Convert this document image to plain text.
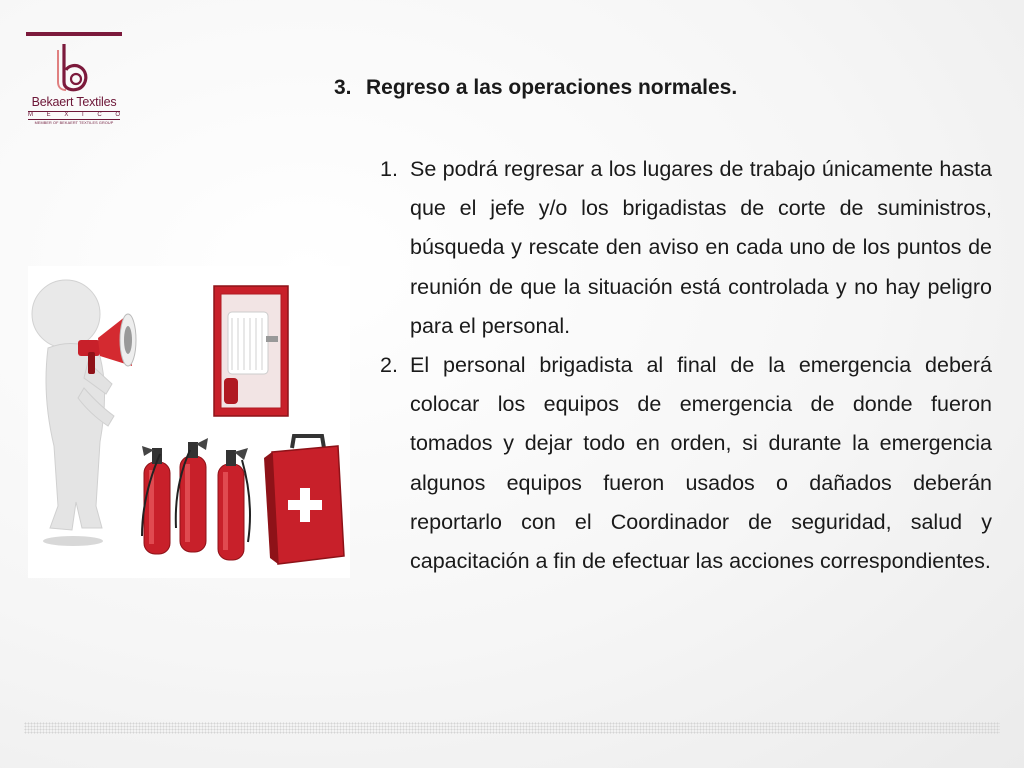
Bekaert Textiles
M E X I C O
MEMBER OF BEKAERT TEXTILES GROUP
3. Regreso a las operaciones normales.
1. Se podrá regresar a los lugares de trabajo únicamente hasta que el jefe y/o los brigadistas de corte de suministros, búsqueda y rescate den aviso en cada uno de los puntos de reunión de que la situación está controlada y no hay peligro para el personal.
2. El personal brigadista al final de la emergencia deberá colocar los equipos de emergencia de donde fueron tomados y dejar todo en orden, si durante la emergencia algunos equipos fueron usados o dañados deberán reportarlo con el Coordinador de seguridad, salud y capacitación a fin de efectuar las acciones correspondientes.
